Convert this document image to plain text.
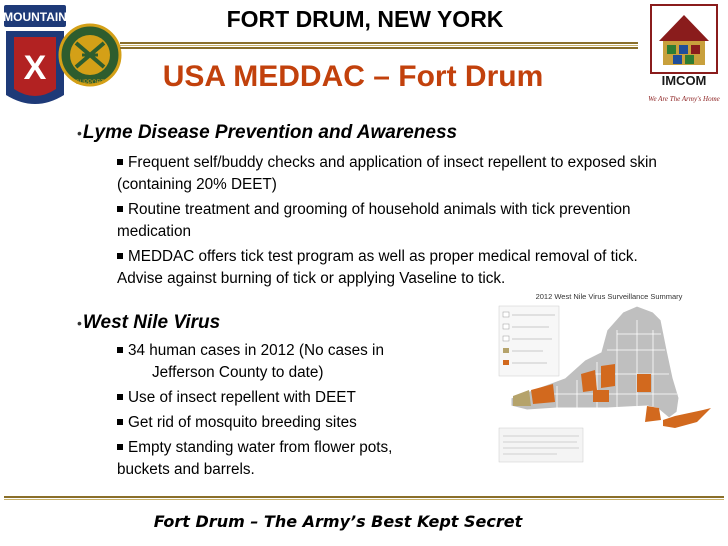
MOUNTAIN
X	SUPPORT
FORT DRUM, NEW YORK
IMCOM
We Are The Army's Home
USA MEDDAC – Fort Drum
•Lyme Disease Prevention and Awareness
Frequent self/buddy checks and application of insect repellent to exposed skin (containing 20% DEET)
Routine treatment and grooming of household animals with tick prevention medication
MEDDAC offers tick test program as well as proper medical removal of tick. Advise against burning of tick or applying Vaseline to tick.
•West Nile Virus
34 human cases in 2012 (No cases in
Jefferson County to date)
Use of insect repellent with DEET
Get rid of mosquito breeding sites
Empty standing water from flower pots, buckets and barrels.
2012 West Nile Virus Surveillance Summary
Fort Drum – The Army’s Best Kept Secret
